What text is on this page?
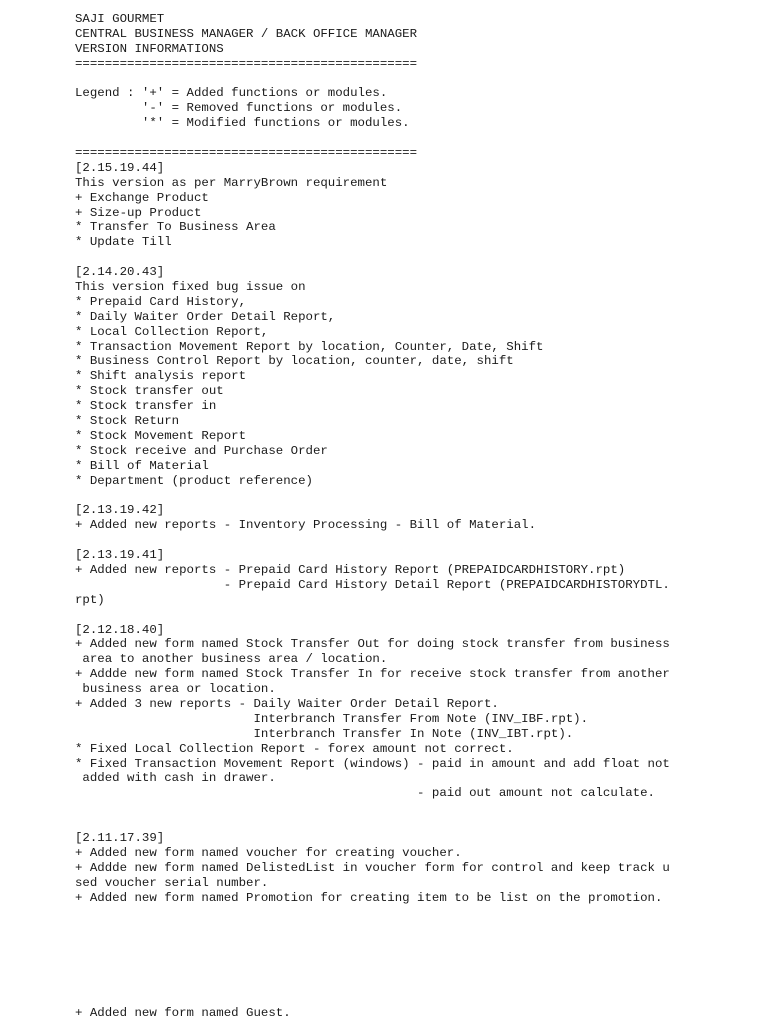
SAJI GOURMET
CENTRAL BUSINESS MANAGER / BACK OFFICE MANAGER
VERSION INFORMATIONS
==============================================
Legend : '+' = Added functions or modules.
'-' = Removed functions or modules.
'*' = Modified functions or modules.
==============================================
[2.15.19.44]
This version as per MarryBrown requirement
+ Exchange Product
+ Size-up Product
* Transfer To Business Area
* Update Till
[2.14.20.43]
This version fixed bug issue on
* Prepaid Card History,
* Daily Waiter Order Detail Report,
* Local Collection Report,
* Transaction Movement Report by location, Counter, Date, Shift
* Business Control Report by location, counter, date, shift
* Shift analysis report
* Stock transfer out
* Stock transfer in
* Stock Return
* Stock Movement Report
* Stock receive and Purchase Order
* Bill of Material
* Department (product reference)
[2.13.19.42]
+ Added new reports - Inventory Processing - Bill of Material.
[2.13.19.41]
+ Added new reports - Prepaid Card History Report (PREPAIDCARDHISTORY.rpt)
- Prepaid Card History Detail Report (PREPAIDCARDHISTORYDTL.
rpt)
[2.12.18.40]
+ Added new form named Stock Transfer Out for doing stock transfer from business
area to another business area / location.
+ Addde new form named Stock Transfer In for receive stock transfer from another
business area or location.
+ Added 3 new reports - Daily Waiter Order Detail Report.
Interbranch Transfer From Note (INV_IBF.rpt).
Interbranch Transfer In Note (INV_IBT.rpt).
* Fixed Local Collection Report - forex amount not correct.
* Fixed Transaction Movement Report (windows) - paid in amount and add float not
added with cash in drawer.
- paid out amount not calculate.
[2.11.17.39]
+ Added new form named voucher for creating voucher.
+ Addde new form named DelistedList in voucher form for control and keep track u
sed voucher serial number.
+ Added new form named Promotion for creating item to be list on the promotion.
+ Added new form named Guest.
